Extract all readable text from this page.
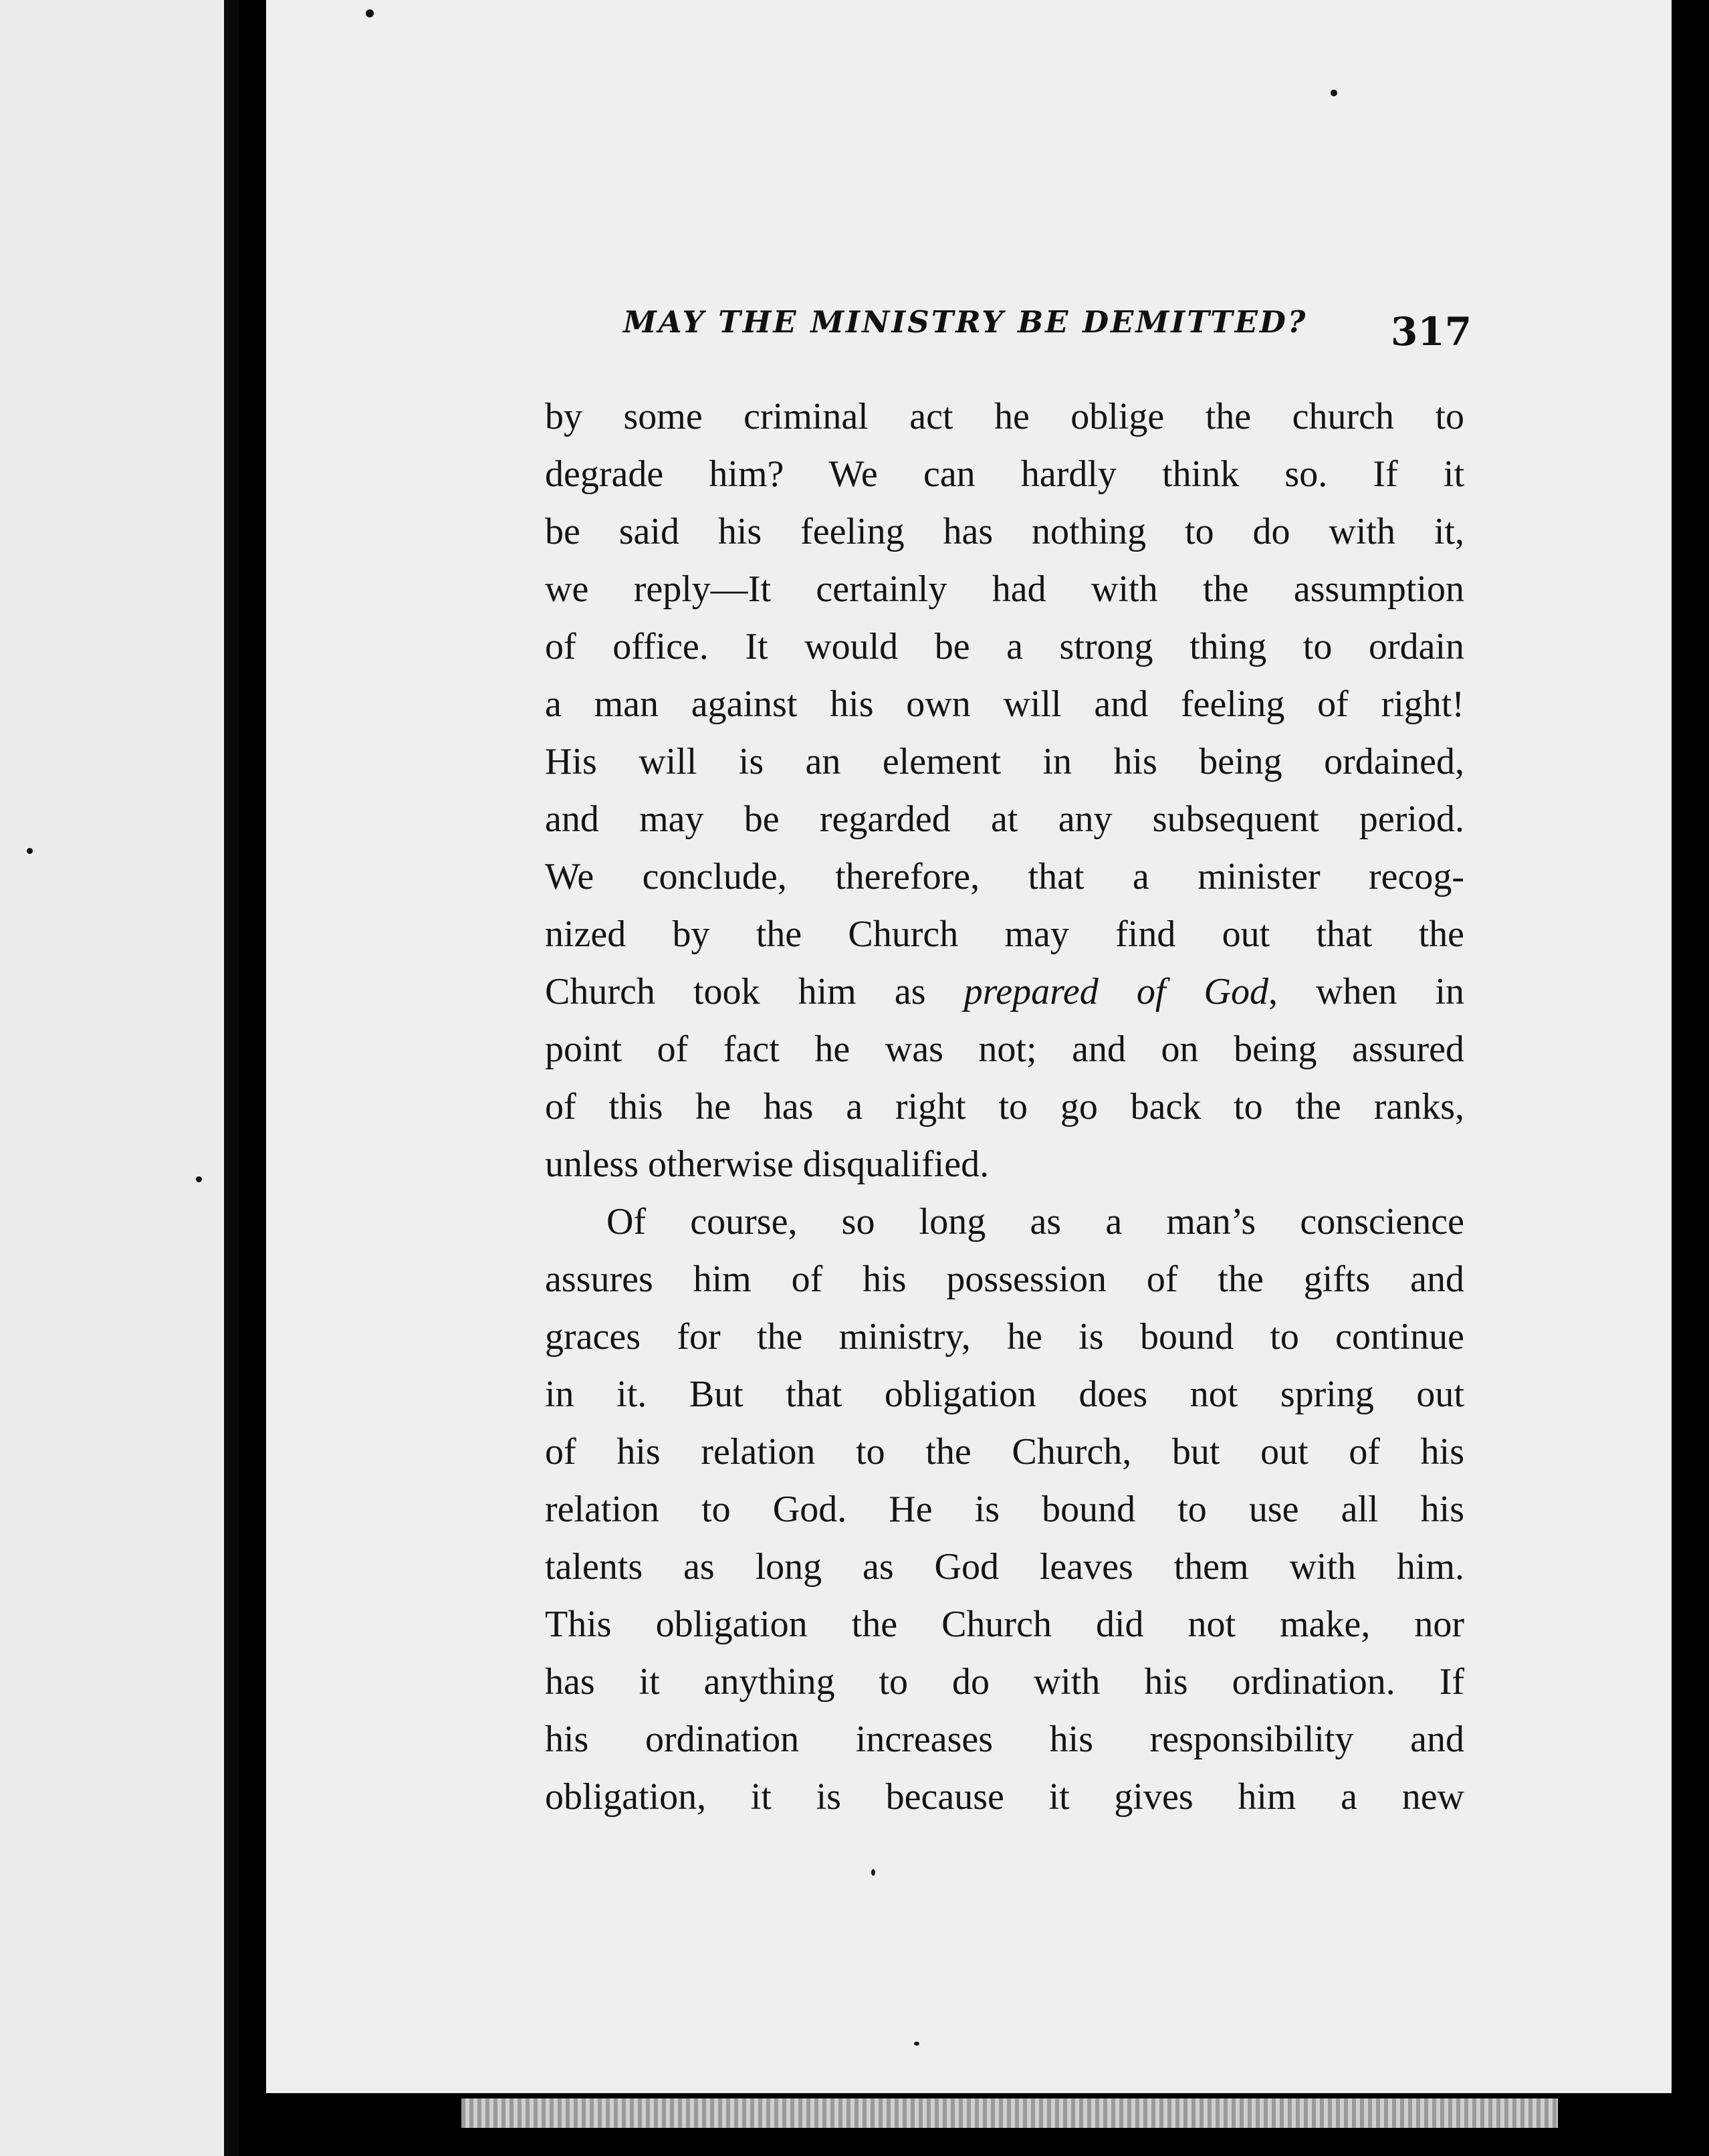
MAY THE MINISTRY BE DEMITTED?	317
by some criminal act he oblige the church to
degrade him? We can hardly think so. If it
be said his feeling has nothing to do with it,
we reply—It certainly had with the assumption
of office. It would be a strong thing to ordain
a man against his own will and feeling of right!
His will is an element in his being ordained,
and may be regarded at any subsequent period.
We conclude, therefore, that a minister recog-
nized by the Church may find out that the
Church took him as prepared of God, when in
point of fact he was not; and on being assured
of this he has a right to go back to the ranks,
unless otherwise disqualified.
Of course, so long as a man’s conscience
assures him of his possession of the gifts and
graces for the ministry, he is bound to continue
in it. But that obligation does not spring out
of his relation to the Church, but out of his
relation to God. He is bound to use all his
talents as long as God leaves them with him.
This obligation the Church did not make, nor
has it anything to do with his ordination. If
his ordination increases his responsibility and
obligation, it is because it gives him a new
